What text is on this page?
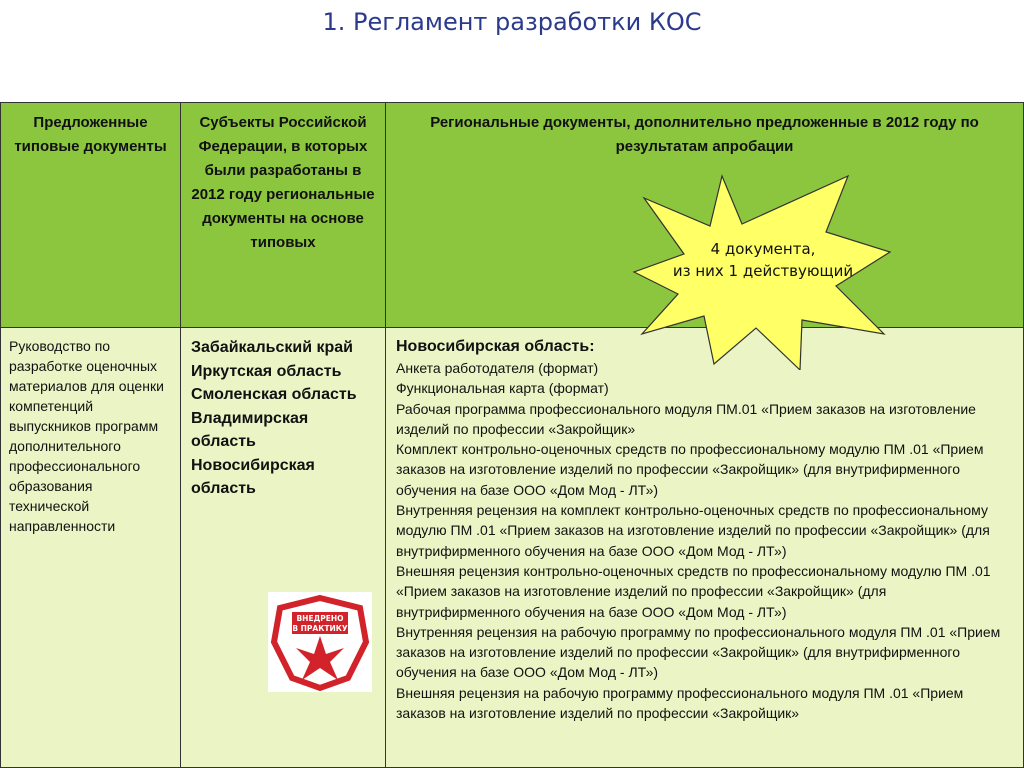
1. Регламент разработки КОС
Предложенные типовые документы
Субъекты Российской Федерации, в которых были разработаны в 2012 году региональные документы на основе типовых
Региональные документы, дополнительно предложенные в 2012 году по результатам апробации
Руководство по разработке оценочных материалов для оценки компетенций выпускников программ дополнительного профессионального образования технической направленности
Забайкальский край
Иркутская область
Смоленская область
Владимирская область
Новосибирская область
Новосибирская область:
Анкета работодателя (формат)
Функциональная карта (формат)
Рабочая программа профессионального модуля ПМ.01 «Прием заказов на изготовление изделий по профессии «Закройщик»
Комплект контрольно-оценочных средств по профессиональному модулю ПМ .01 «Прием заказов на изготовление изделий по профессии «Закройщик» (для внутрифирменного обучения на базе ООО «Дом Мод - ЛТ»)
Внутренняя рецензия на комплект контрольно-оценочных средств по профессиональному модулю ПМ .01 «Прием заказов на изготовление изделий по профессии «Закройщик» (для внутрифирменного обучения на базе ООО «Дом Мод - ЛТ»)
Внешняя рецензия контрольно-оценочных средств по профессиональному модулю ПМ .01 «Прием заказов на изготовление изделий по профессии «Закройщик» (для внутрифирменного обучения на базе ООО «Дом Мод - ЛТ»)
Внутренняя рецензия на рабочую программу по профессионального модуля ПМ .01 «Прием заказов на изготовление изделий по профессии «Закройщик» (для внутрифирменного обучения на базе ООО «Дом Мод - ЛТ»)
Внешняя рецензия на рабочую программу профессионального модуля ПМ .01 «Прием заказов на изготовление изделий по профессии «Закройщик»
4 документа,
из них 1 действующий
ВНЕДРЕНО
В ПРАКТИКУ
